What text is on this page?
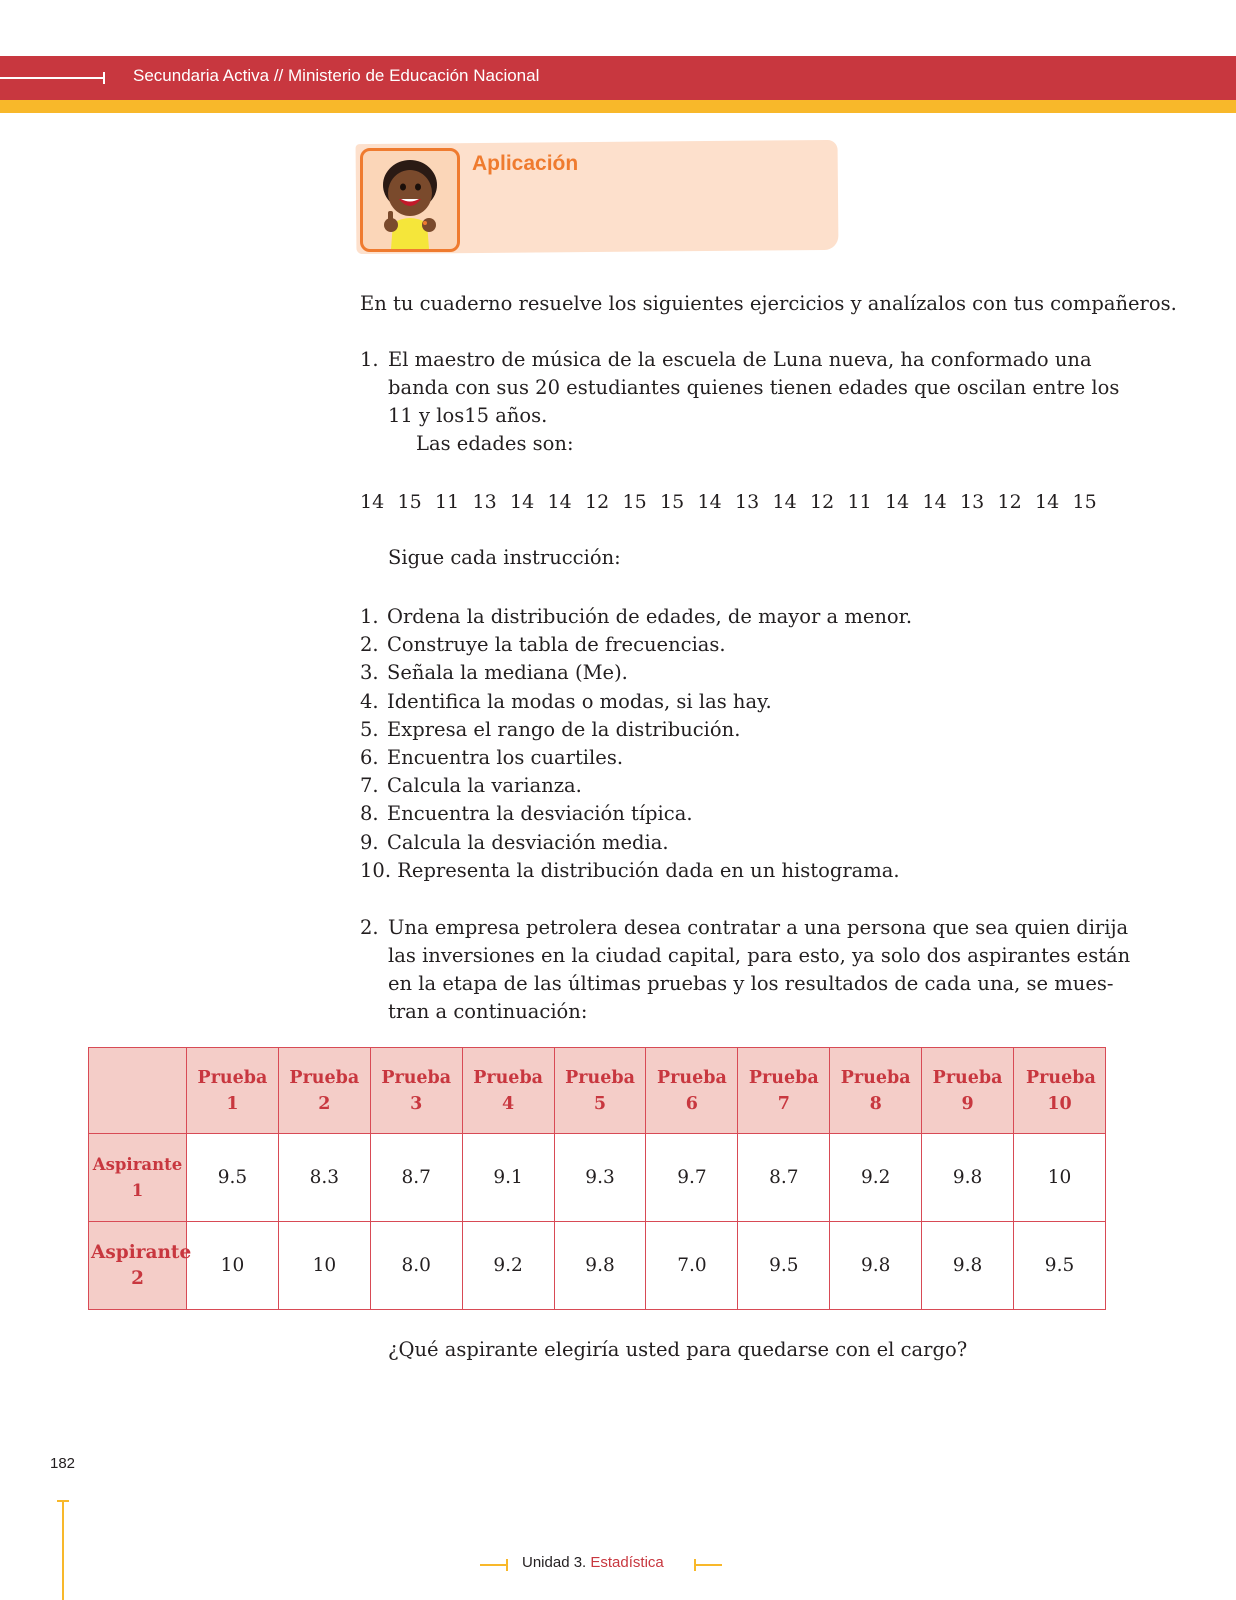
Secundaria Activa // Ministerio de Educación Nacional
Aplicación
En tu cuaderno resuelve los siguientes ejercicios y analízalos con tus compañeros.
1. El maestro de música de la escuela de Luna nueva, ha conformado una
banda con sus 20 estudiantes quienes tienen edades que oscilan entre los
11 y los15 años.
Las edades son:
14 15 11 13 14 14 12 15 15 14 13 14 12 11 14 14 13 12 14 15
Sigue cada instrucción:
1. Ordena la distribución de edades, de mayor a menor.
2. Construye la tabla de frecuencias.
3. Señala la mediana (Me).
4. Identifica la modas o modas, si las hay.
5. Expresa el rango de la distribución.
6. Encuentra los cuartiles.
7. Calcula la varianza.
8. Encuentra la desviación típica.
9. Calcula la desviación media.
10. Representa la distribución dada en un histograma.
2. Una empresa petrolera desea contratar a una persona que sea quien dirija
las inversiones en la ciudad capital, para esto, ya solo dos aspirantes están
en la etapa de las últimas pruebas y los resultados de cada una, se mues-
tran a continuación:
	Prueba 1	Prueba 2	Prueba 3	Prueba 4	Prueba 5	Prueba 6	Prueba 7	Prueba 8	Prueba 9	Prueba 10
Aspirante
1	9.5	8.3	8.7	9.1	9.3	9.7	8.7	9.2	9.8	10
Aspirante
2	10	10	8.0	9.2	9.8	7.0	9.5	9.8	9.8	9.5
¿Qué aspirante elegiría usted para quedarse con el cargo?
182
Unidad 3. Estadística
